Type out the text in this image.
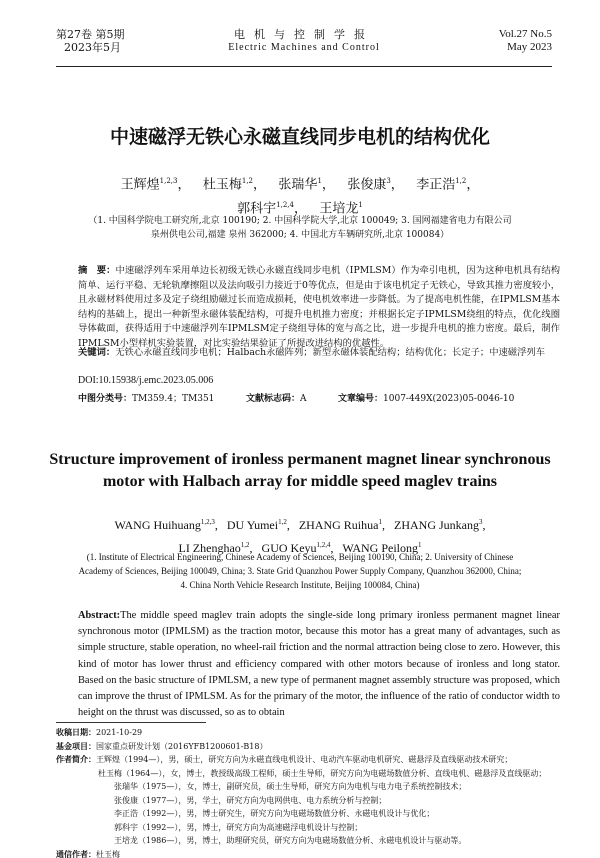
第27卷 第5期
2023年5月
电机与控制学报
Electric Machines and Control
Vol.27 No.5
May 2023
中速磁浮无铁心永磁直线同步电机的结构优化
王辉煌$^{1,2,3}$，   杜玉梅$^{1,2}$，   张瑞华$^1$，   张俊康$^3$，   李正浩$^{1,2}$，
郭科宇$^{1,2,4}$，   王培龙$^1$
（1. 中国科学院电工研究所,北京 100190; 2. 中国科学院大学,北京 100049; 3. 国网福建省电力有限公司
泉州供电公司,福建 泉州 362000; 4. 中国北方车辆研究所,北京 100084）
摘　要：中速磁浮列车采用单边长初级无铁心永磁直线同步电机（IPMLSM）作为牵引电机，因为这种电机具有结构简单、运行平稳、无轮轨摩擦阻以及法向吸引力接近于0等优点，但是由于该电机定子无铁心，导致其推力密度较小，且永磁材料使用过多及定子绕组励磁过长而造成损耗，使电机效率进一步降低。为了提高电机性能，在IPMLSM基本结构的基础上，提出一种新型永磁体装配结构，可提升电机推力密度；并根据长定子IPMLSM绕组的特点，优化线圈导体截面，获得适用于中速磁浮列车IPMLSM定子绕组导体的宽与高之比，进一步提升电机的推力密度。最后，制作IPMLSM小型样机实验装置，对比实验结果验证了所提改进结构的优越性。
关键词：无铁心永磁直线同步电机；Halbach永磁阵列；新型永磁体装配结构；结构优化；长定子；中速磁浮列车
DOI:10.15938/j.emc.2023.05.006
中图分类号：TM359.4；TM351	文献标志码：A	文章编号：1007-449X(2023)05-0046-10
Structure improvement of ironless permanent magnet linear synchronous
motor with Halbach array for middle speed maglev trains
WANG Huihuang$^{1,2,3}$,   DU Yumei$^{1,2}$,   ZHANG Ruihua$^1$,   ZHANG Junkang$^3$,
LI Zhenghao$^{1,2}$,   GUO Keyu$^{1,2,4}$,   WANG Peilong$^1$
(1. Institute of Electrical Engineering, Chinese Academy of Sciences, Beijing 100190, China; 2. University of Chinese
Academy of Sciences, Beijing 100049, China; 3. State Grid Quanzhou Power Supply Company, Quanzhou 362000, China;
4. China North Vehicle Research Institute, Beijing 100084, China)
Abstract:The middle speed maglev train adopts the single-side long primary ironless permanent magnet linear synchronous motor (IPMLSM) as the traction motor, because this motor has a great many of advantages, such as simple structure, stable operation, no wheel-rail friction and the normal attraction being close to zero. However, this kind of motor has lower thrust and efficiency compared with other motors because of ironless and long stator. Based on the basic structure of IPMLSM, a new type of permanent magnet assembly structure was proposed, which can improve the thrust of IPMLSM. As for the primary of the motor, the influence of the ratio of conductor width to height on the thrust was discussed, so as to obtain
收稿日期：2021-10-29
基金项目：国家重点研发计划（2016YFB1200601-B18）
作者简介：王辉煌（1994—），男，硕士，研究方向为永磁直线电机设计、电动汽车驱动电机研究、磁悬浮及直线驱动技术研究；
杜玉梅（1964—），女，博士，教授级高级工程师，硕士生导师，研究方向为电磁场数值分析、直线电机、磁悬浮及直线驱动；
张瑞华（1975—），女，博士，副研究员，硕士生导师，研究方向为电机与电力电子系统控制技术；
张俊康（1977—），男，学士，研究方向为电网供电、电力系统分析与控制；
李正浩（1992—），男，博士研究生，研究方向为电磁场数值分析、永磁电机设计与优化；
郭科宇（1992—），男，博士，研究方向为高速磁浮电机设计与控制；
王培龙（1986—），男，博士，助理研究员，研究方向为电磁场数值分析、永磁电机设计与驱动等。
通信作者：杜玉梅
